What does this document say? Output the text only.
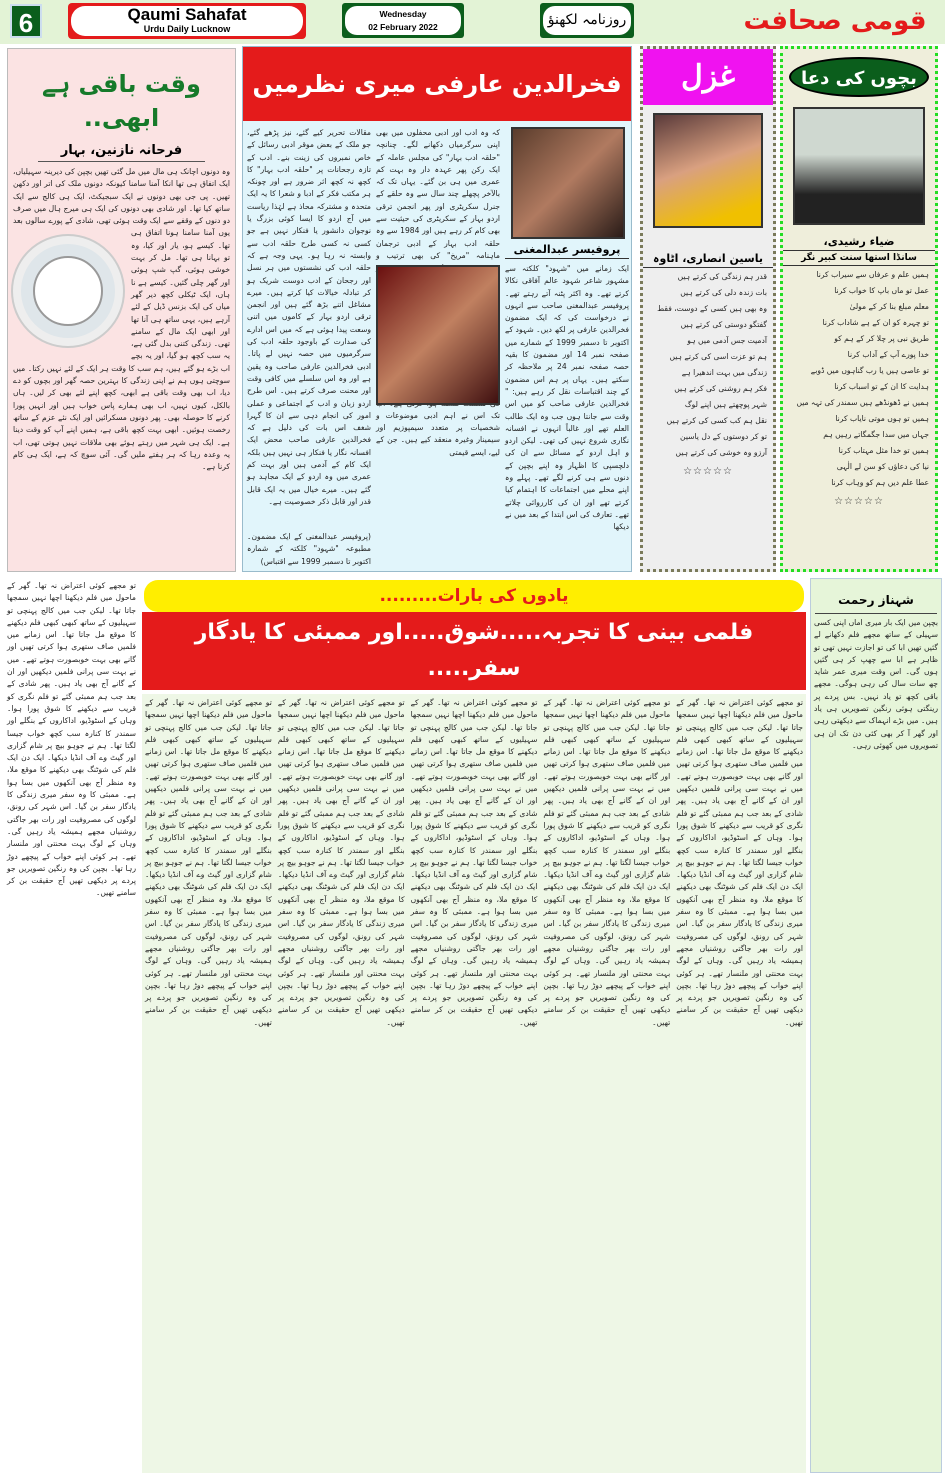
6	Qaumi Sahafat
Urdu Daily Lucknow
Wednesday
02 February 2022	روزنامہ لکھنؤ	قومی صحافت
وقت باقی ہے ابھی..
فرحانہ نازنین، بہار
وہ دونوں اچانک ہی مال میں مل گئی تھیں بچپن کی دیرینہ سہیلیاں، ایک اتفاق ہی تھا انکا آمنا سامنا کیونکہ دونوں ملک کی اتر اور دکھن تھیں۔ پی جی بھی دونوں نے ایک سبجیکٹ، ایک ہی کالج سے ایک ساتھ کیا تھا۔ اور شادی بھی دونوں کی ایک ہی میرج ہال میں صرف دو دنوں کے وقفے سے ایک وقت ہوئی تھی، شادی کے پورے سالوں بعد یوں آمنا سامنا ہونا اتفاق ہی تھا۔ کیسے ہو، یار اور کیا، وہ تو بہانا ہی تھا۔ مل کر بہت خوشی ہوئی، گپ شپ ہوئی اور گھر چلی گئیں۔ کیسے ہے نا ہاں، ایک ٹیکلی کچھ دیر گھر میاں کی ایک بزنس ڈیل کے لئے آرہے ہیں، یہی ساتھ ہی آنا تھا اور ابھی ایک مال کے سامنے تھی۔ زندگی کتنی بدل گئی ہے، یہ سب کچھ ہو گیا، اور یہ بچے اب بڑے ہو گئے ہیں، ہم سب کا وقت ہر ایک کے لئے نہیں رکتا۔ میں سوچتی ہوں ہم نے اپنی زندگی کا بہترین حصہ گھر اور بچوں کو دے دیا، اب بھی وقت باقی ہے ابھی، کچھ اپنے لئے بھی کر لیں۔ ہاں بالکل، کیوں نہیں، اب بھی ہمارے پاس خواب ہیں اور انہیں پورا کرنے کا حوصلہ بھی۔ پھر دونوں مسکرائیں اور ایک نئے عزم کے ساتھ رخصت ہوئیں۔ ابھی بہت کچھ باقی ہے، ہمیں اپنے آپ کو وقت دینا ہے۔ ایک ہی شہر میں رہتے ہوئے بھی ملاقات نہیں ہوتی تھی، اب یہ وعدہ رہا کہ ہر ہفتے ملیں گی۔ آئی سوچ کہ ہے، ایک ہی کام کرنا ہے۔
فخرالدین عارفی میری نظرمیں
پروفیسر عبدالمغنی
ایک زمانے میں "شہود" کلکتہ سے مشہور شاعر شہود عالم آفاقی نکالا کرتے تھے۔ وہ اکثر پٹنہ آتے رہتے تھے۔ پروفیسر عبدالمغنی صاحب سے انہوں نے درخواست کی کہ ایک مضمون فخرالدین عارفی پر لکھ دیں۔ شہود کے اکتوبر تا دسمبر 1999 کے شمارے میں صفحہ نمبر 14 اور مضمون کا بقیہ حصہ صفحہ نمبر 24 پر ملاحظہ کر سکتے ہیں۔ یہاں پر ہم اس مضمون کے چند اقتباسات نقل کر رہے ہیں: " فخرالدین عارفی صاحب کو میں اس وقت سے جانتا ہوں جب وہ ایک طالب العلم تھے اور غالباً انہوں نے افسانہ نگاری شروع نہیں کی تھی۔ لیکن اردو و اہل اردو کے مسائل سے ان کی دلچسپی کا اظہار وہ اپنے بچپن کے دنوں سے ہی کرنے لگے تھے۔ پہلے وہ اپنے محلے میں اجتماعات کا اہتمام کیا کرتے تھے اور ان کی کارروائی چلاتے تھے۔ تعارف کی اس ابتدا کے بعد میں نے دیکھا
کہ وہ ادب اور ادبی محفلوں میں بھی اپنی سرگرمیاں دکھانے لگے۔ چنانچہ "حلقہ ادب بہار" کی مجلس عاملہ کے ایک رکن پھر عہدہ دار وہ بہت کم عمری میں ہی بن گئے۔ یہاں تک کہ بالآخر پچھلے چند سال سے وہ حلقے کے جنرل سکریٹری اور پھر انجمن ترقی اردو بہار کے سکریٹری کی حیثیت سے بھی کام کر رہے ہیں اور 1984 سے وہ حلقہ ادب بہار کے ادبی ترجمان ماہنامہ "مریخ" کی بھی ترتیب و تک اس نے اہم ادبی موضوعات و شخصیات پر متعدد سیمپوزیم اور سیمینار وغیرہ منعقد کیے ہیں۔ جن کے لیے، ایسے قیمتی
مقالات تحریر کیے گئے، نیز پڑھے گئے، جو ملک کے بعض موقر ادبی رسائل کے خاص نمبروں کی زینت بنے۔ ادب کے تازہ رجحانات پر "حلقہ ادب بہار" کا کچھ نہ کچھ اثر ضرور ہے اور چونکہ ہر مکتب فکر کے ادبا و شعرا کا یہ ایک متحدہ و مشترکہ محاذ ہے لہٰذا ریاست میں آج اردو کا ایسا کوئی بزرگ یا نوجوان دانشور یا فنکار نہیں ہے جو کسی نہ کسی طرح حلقہ ادب سے وابستہ نہ رہا ہو۔ یہی وجہ ہے کہ حلقہ ادب کی نشستوں میں ہر نسل اور رجحان کے ادب دوست شریک ہو کر تبادلہ خیالات کیا کرتے ہیں۔ میرے مشاغل اتنے بڑھ گئے ہیں اور انجمن ترقی اردو بہار کے کاموں میں اتنی وسعت پیدا ہوئی ہے کہ میں اس ادارے کی صدارت کے باوجود حلقہ ادب کی سرگرمیوں میں حصہ نہیں لے پاتا۔ ادبی فخرالدین عارفی صاحب وہ یقین ہے اور وہ اس سلسلے میں کافی وقت اور محنت صرف کرتے ہیں۔ اس طرح اردو زبان و ادب کے اجتماعی و عملی امور کی انجام دہی سے ان کا گہرا شغف اس بات کی دلیل ہے کہ فخرالدین عارفی صاحب محض ایک افسانہ نگار یا فنکار ہی نہیں ہیں بلکہ ایک کام کے آدمی ہیں اور بہت کم عمری میں وہ اردو کے ایک مجاہد ہو گئے ہیں۔ میرے خیال میں یہ ایک قابل قدر اور قابل ذکر خصوصیت ہے۔
(پروفیسر عبدالمغنی کے ایک مضمون۔ مطبوعہ "شہود" کلکتہ کے شمارہ اکتوبر تا دسمبر 1999 سے اقتباس)
غزل
یاسین انصاری، اٹاوہ

قدر ہم زندگی کی کرتے ہیں

بات زندہ دلی کی کرتے ہیں

وہ بھی ہیں کسی کے دوست، فقط

گفتگو دوستی کی کرتے ہیں

آدمیت جس آدمی میں ہو

ہم تو عزت اسی کی کرتے ہیں

زندگی میں بہت اندھیرا ہے

فکر ہم روشنی کی کرتے ہیں

شہر پوچھتے ہیں اپنے لوگ

نقل ہم کب کسی کی کرتے ہیں

تو کر دوستوں کے دل یاسین

آرزو وہ خوشی کی کرتے ہیں

☆☆☆☆☆
بچوں کی دعا
ضیاء رشیدی،
سانڈا استھا سنت کبیر نگر

ہمیں علم و عرفاں سے سیراب کرنا

عمل تو ماں باپ کا خواب کرنا

معلم مبلغ بنا کر کے مولیٰ

تو چہرہ کو ان کے ہے شاداب کرنا

طریق نبی پر چلا کر کے ہم کو

خدا پورے آپ کے آداب کرنا

تو عاصی ہیں یا رب گناہوں میں ڈوبے

ہدایت کا ان کے تو اسباب کرنا

ہمیں نے ڈھونڈھے ہیں سمندر کی تہہ میں

ہمیں تو ہوں موتی نایاب کرنا

جہاں میں سدا جگمگاتے رہیں ہم

ہمیں تو خدا مثل مہتاب کرنا

نیا کی دعاؤں کو سن لے الٰہی

عطا علم دیں ہم کو وہاب کرنا

☆☆☆☆☆
تو مجھے کوئی اعتراض نہ تھا۔ گھر کے ماحول میں فلم دیکھنا اچھا نہیں سمجھا جاتا تھا۔ لیکن جب میں کالج پہنچی تو سہیلیوں کے ساتھ کبھی کبھی فلم دیکھنے کا موقع مل جاتا تھا۔ اس زمانے میں فلمیں صاف ستھری ہوا کرتی تھیں اور گانے بھی بہت خوبصورت ہوتے تھے۔ میں نے بہت سی پرانی فلمیں دیکھیں اور ان کے گانے آج بھی یاد ہیں۔ پھر شادی کے بعد جب ہم ممبئی گئے تو فلم نگری کو قریب سے دیکھنے کا شوق پورا ہوا۔ وہاں کے اسٹوڈیو، اداکاروں کے بنگلے اور سمندر کا کنارہ سب کچھ خواب جیسا لگتا تھا۔ ہم نے جوہو بیچ پر شام گزاری اور گیٹ وے آف انڈیا دیکھا۔ ایک دن ایک فلم کی شوٹنگ بھی دیکھنے کا موقع ملا، وہ منظر آج بھی آنکھوں میں بسا ہوا ہے۔ ممبئی کا وہ سفر میری زندگی کا یادگار سفر بن گیا۔ اس شہر کی رونق، لوگوں کی مصروفیت اور رات بھر جاگتی روشنیاں مجھے ہمیشہ یاد رہیں گی۔ وہاں کے لوگ بہت محنتی اور ملنسار تھے۔ ہر کوئی اپنے خواب کے پیچھے دوڑ رہا تھا۔ بچپن کی وہ رنگین تصویریں جو پردے پر دیکھی تھیں آج حقیقت بن کر سامنے تھیں۔
یادوں کی بارات.........
فلمی بینی کا تجربہ.....شوق.....اور ممبئی کا یادگار سفر.....
تو مجھے کوئی اعتراض نہ تھا۔ گھر کے ماحول میں فلم دیکھنا اچھا نہیں سمجھا جاتا تھا۔ لیکن جب میں کالج پہنچی تو سہیلیوں کے ساتھ کبھی کبھی فلم دیکھنے کا موقع مل جاتا تھا۔ اس زمانے میں فلمیں صاف ستھری ہوا کرتی تھیں اور گانے بھی بہت خوبصورت ہوتے تھے۔ میں نے بہت سی پرانی فلمیں دیکھیں اور ان کے گانے آج بھی یاد ہیں۔ پھر شادی کے بعد جب ہم ممبئی گئے تو فلم نگری کو قریب سے دیکھنے کا شوق پورا ہوا۔ وہاں کے اسٹوڈیو، اداکاروں کے بنگلے اور سمندر کا کنارہ سب کچھ خواب جیسا لگتا تھا۔ ہم نے جوہو بیچ پر شام گزاری اور گیٹ وے آف انڈیا دیکھا۔ ایک دن ایک فلم کی شوٹنگ بھی دیکھنے کا موقع ملا، وہ منظر آج بھی آنکھوں میں بسا ہوا ہے۔ ممبئی کا وہ سفر میری زندگی کا یادگار سفر بن گیا۔ اس شہر کی رونق، لوگوں کی مصروفیت اور رات بھر جاگتی روشنیاں مجھے ہمیشہ یاد رہیں گی۔ وہاں کے لوگ بہت محنتی اور ملنسار تھے۔ ہر کوئی اپنے خواب کے پیچھے دوڑ رہا تھا۔ بچپن کی وہ رنگین تصویریں جو پردے پر دیکھی تھیں آج حقیقت بن کر سامنے تھیں۔
تو مجھے کوئی اعتراض نہ تھا۔ گھر کے ماحول میں فلم دیکھنا اچھا نہیں سمجھا جاتا تھا۔ لیکن جب میں کالج پہنچی تو سہیلیوں کے ساتھ کبھی کبھی فلم دیکھنے کا موقع مل جاتا تھا۔ اس زمانے میں فلمیں صاف ستھری ہوا کرتی تھیں اور گانے بھی بہت خوبصورت ہوتے تھے۔ میں نے بہت سی پرانی فلمیں دیکھیں اور ان کے گانے آج بھی یاد ہیں۔ پھر شادی کے بعد جب ہم ممبئی گئے تو فلم نگری کو قریب سے دیکھنے کا شوق پورا ہوا۔ وہاں کے اسٹوڈیو، اداکاروں کے بنگلے اور سمندر کا کنارہ سب کچھ خواب جیسا لگتا تھا۔ ہم نے جوہو بیچ پر شام گزاری اور گیٹ وے آف انڈیا دیکھا۔ ایک دن ایک فلم کی شوٹنگ بھی دیکھنے کا موقع ملا، وہ منظر آج بھی آنکھوں میں بسا ہوا ہے۔ ممبئی کا وہ سفر میری زندگی کا یادگار سفر بن گیا۔ اس شہر کی رونق، لوگوں کی مصروفیت اور رات بھر جاگتی روشنیاں مجھے ہمیشہ یاد رہیں گی۔ وہاں کے لوگ بہت محنتی اور ملنسار تھے۔ ہر کوئی اپنے خواب کے پیچھے دوڑ رہا تھا۔ بچپن کی وہ رنگین تصویریں جو پردے پر دیکھی تھیں آج حقیقت بن کر سامنے تھیں۔
تو مجھے کوئی اعتراض نہ تھا۔ گھر کے ماحول میں فلم دیکھنا اچھا نہیں سمجھا جاتا تھا۔ لیکن جب میں کالج پہنچی تو سہیلیوں کے ساتھ کبھی کبھی فلم دیکھنے کا موقع مل جاتا تھا۔ اس زمانے میں فلمیں صاف ستھری ہوا کرتی تھیں اور گانے بھی بہت خوبصورت ہوتے تھے۔ میں نے بہت سی پرانی فلمیں دیکھیں اور ان کے گانے آج بھی یاد ہیں۔ پھر شادی کے بعد جب ہم ممبئی گئے تو فلم نگری کو قریب سے دیکھنے کا شوق پورا ہوا۔ وہاں کے اسٹوڈیو، اداکاروں کے بنگلے اور سمندر کا کنارہ سب کچھ خواب جیسا لگتا تھا۔ ہم نے جوہو بیچ پر شام گزاری اور گیٹ وے آف انڈیا دیکھا۔ ایک دن ایک فلم کی شوٹنگ بھی دیکھنے کا موقع ملا، وہ منظر آج بھی آنکھوں میں بسا ہوا ہے۔ ممبئی کا وہ سفر میری زندگی کا یادگار سفر بن گیا۔ اس شہر کی رونق، لوگوں کی مصروفیت اور رات بھر جاگتی روشنیاں مجھے ہمیشہ یاد رہیں گی۔ وہاں کے لوگ بہت محنتی اور ملنسار تھے۔ ہر کوئی اپنے خواب کے پیچھے دوڑ رہا تھا۔ بچپن کی وہ رنگین تصویریں جو پردے پر دیکھی تھیں آج حقیقت بن کر سامنے تھیں۔
تو مجھے کوئی اعتراض نہ تھا۔ گھر کے ماحول میں فلم دیکھنا اچھا نہیں سمجھا جاتا تھا۔ لیکن جب میں کالج پہنچی تو سہیلیوں کے ساتھ کبھی کبھی فلم دیکھنے کا موقع مل جاتا تھا۔ اس زمانے میں فلمیں صاف ستھری ہوا کرتی تھیں اور گانے بھی بہت خوبصورت ہوتے تھے۔ میں نے بہت سی پرانی فلمیں دیکھیں اور ان کے گانے آج بھی یاد ہیں۔ پھر شادی کے بعد جب ہم ممبئی گئے تو فلم نگری کو قریب سے دیکھنے کا شوق پورا ہوا۔ وہاں کے اسٹوڈیو، اداکاروں کے بنگلے اور سمندر کا کنارہ سب کچھ خواب جیسا لگتا تھا۔ ہم نے جوہو بیچ پر شام گزاری اور گیٹ وے آف انڈیا دیکھا۔ ایک دن ایک فلم کی شوٹنگ بھی دیکھنے کا موقع ملا، وہ منظر آج بھی آنکھوں میں بسا ہوا ہے۔ ممبئی کا وہ سفر میری زندگی کا یادگار سفر بن گیا۔ اس شہر کی رونق، لوگوں کی مصروفیت اور رات بھر جاگتی روشنیاں مجھے ہمیشہ یاد رہیں گی۔ وہاں کے لوگ بہت محنتی اور ملنسار تھے۔ ہر کوئی اپنے خواب کے پیچھے دوڑ رہا تھا۔ بچپن کی وہ رنگین تصویریں جو پردے پر دیکھی تھیں آج حقیقت بن کر سامنے تھیں۔
تو مجھے کوئی اعتراض نہ تھا۔ گھر کے ماحول میں فلم دیکھنا اچھا نہیں سمجھا جاتا تھا۔ لیکن جب میں کالج پہنچی تو سہیلیوں کے ساتھ کبھی کبھی فلم دیکھنے کا موقع مل جاتا تھا۔ اس زمانے میں فلمیں صاف ستھری ہوا کرتی تھیں اور گانے بھی بہت خوبصورت ہوتے تھے۔ میں نے بہت سی پرانی فلمیں دیکھیں اور ان کے گانے آج بھی یاد ہیں۔ پھر شادی کے بعد جب ہم ممبئی گئے تو فلم نگری کو قریب سے دیکھنے کا شوق پورا ہوا۔ وہاں کے اسٹوڈیو، اداکاروں کے بنگلے اور سمندر کا کنارہ سب کچھ خواب جیسا لگتا تھا۔ ہم نے جوہو بیچ پر شام گزاری اور گیٹ وے آف انڈیا دیکھا۔ ایک دن ایک فلم کی شوٹنگ بھی دیکھنے کا موقع ملا، وہ منظر آج بھی آنکھوں میں بسا ہوا ہے۔ ممبئی کا وہ سفر میری زندگی کا یادگار سفر بن گیا۔ اس شہر کی رونق، لوگوں کی مصروفیت اور رات بھر جاگتی روشنیاں مجھے ہمیشہ یاد رہیں گی۔ وہاں کے لوگ بہت محنتی اور ملنسار تھے۔ ہر کوئی اپنے خواب کے پیچھے دوڑ رہا تھا۔ بچپن کی وہ رنگین تصویریں جو پردے پر دیکھی تھیں آج حقیقت بن کر سامنے تھیں۔
شہناز رحمت
بچپن میں ایک بار میری اماں اپنی کسی سہیلی کے ساتھ مجھے فلم دکھانے لے گئیں تھیں ابا کی تو اجازت نہیں تھی تو ظاہر ہے ابا سے چھپ کر ہی گئیں ہوں گی۔ اس وقت میری عمر شاید چھ سات سال کی رہی ہوگی۔ مجھے باقی کچھ تو یاد نہیں۔ بس پردے پر رینگتی ہوئی رنگین تصویریں ہی یاد ہیں۔ میں بڑے انہماک سے دیکھتی رہی اور گھر آ کر بھی کئی دن تک ان ہی تصویروں میں کھوئی رہی۔
